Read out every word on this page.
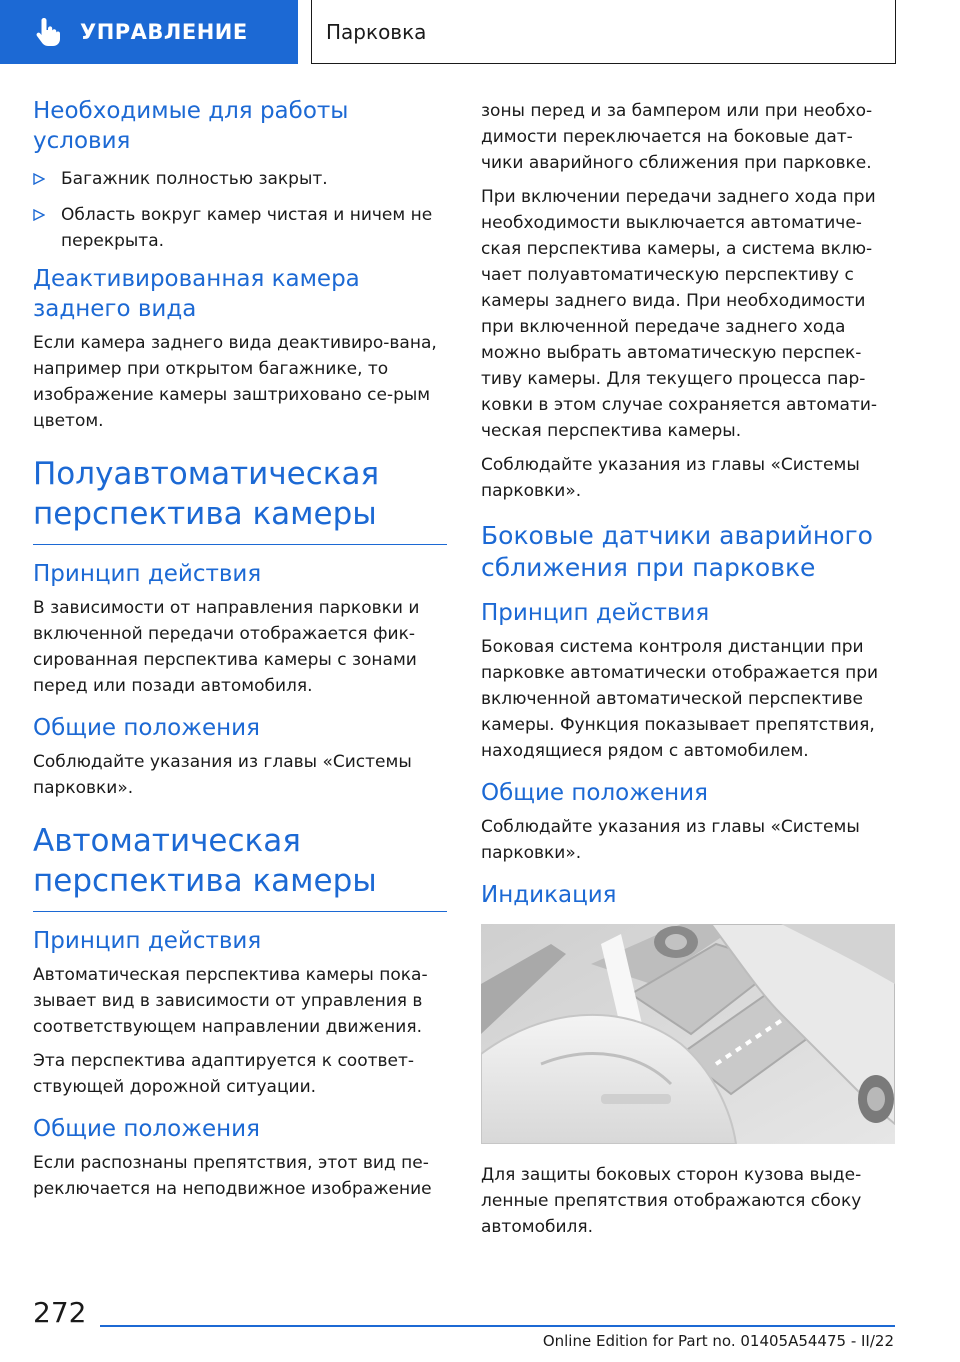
УПРАВЛЕНИЕ	Парковка
Необходимые для работы условия
Багажник полностью закрыт.
Область вокруг камер чистая и ничем не перекрыта.
Деактивированная камера заднего вида

Если камера заднего вида деактивиро-вана, например при открытом багажнике, то изображение камеры заштриховано се-рым цветом.

Полуавтоматическая перспектива камеры
Принцип действия

В зависимости от направления парковки и включенной передачи отображается фик-сированная перспектива камеры с зонами перед или позади автомобиля.

Общие положения

Соблюдайте указания из главы «Системы парковки».

Автоматическая перспектива камеры
Принцип действия

Автоматическая перспектива камеры пока-зывает вид в зависимости от управления в соответствующем направлении движения.

Эта перспектива адаптируется к соответ-ствующей дорожной ситуации.

Общие положения

Если распознаны препятствия, этот вид пе-реключается на неподвижное изображение

зоны перед и за бампером или при необхо-димости переключается на боковые дат-чики аварийного сближения при парковке.

При включении передачи заднего хода при необходимости выключается автоматиче-ская перспектива камеры, а система вклю-чает полуавтоматическую перспективу с камеры заднего вида. При необходимости при включенной передаче заднего хода можно выбрать автоматическую перспек-тиву камеры. Для текущего процесса пар-ковки в этом случае сохраняется автомати-ческая перспектива камеры.

Соблюдайте указания из главы «Системы парковки».

Боковые датчики аварийного сближения при парковке
Принцип действия

Боковая система контроля дистанции при парковке автоматически отображается при включенной автоматической перспективе камеры. Функция показывает препятствия, находящиеся рядом с автомобилем.

Общие положения

Соблюдайте указания из главы «Системы парковки».

Индикация

Для защиты боковых сторон кузова выде-ленные препятствия отображаются сбоку автомобиля.

272
Online Edition for Part no. 01405A54475 - II/22
